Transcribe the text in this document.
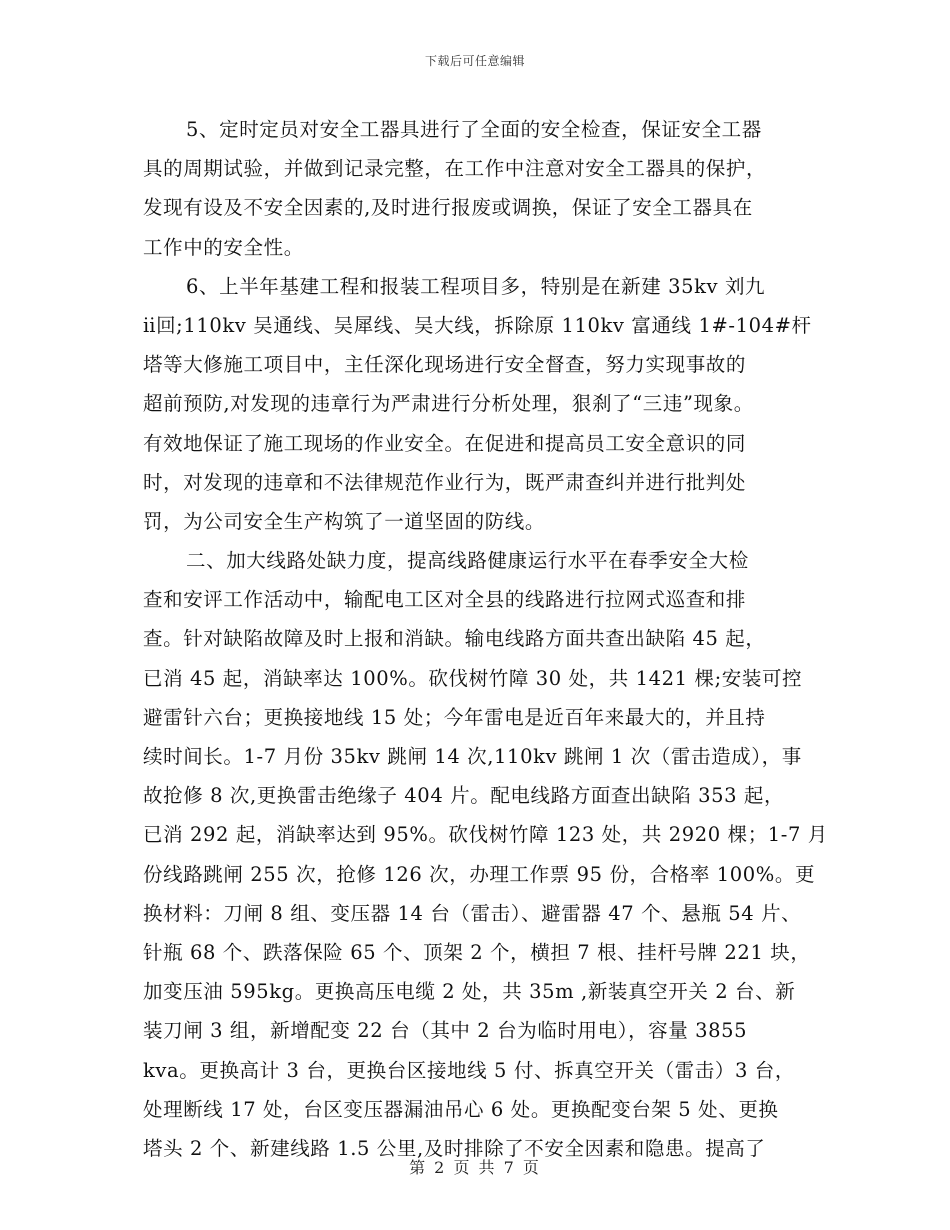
下载后可任意编辑
5、定时定员对安全工器具进行了全面的安全检查，保证安全工器
具的周期试验，并做到记录完整，在工作中注意对安全工器具的保护，
发现有设及不安全因素的,及时进行报废或调换，保证了安全工器具在
工作中的安全性。
6、上半年基建工程和报装工程项目多，特别是在新建 35kv 刘九
ⅱ回;110kv 吴通线、吴犀线、吴大线，拆除原 110kv 富通线 1#-104#杆
塔等大修施工项目中，主任深化现场进行安全督查，努力实现事故的
超前预防,对发现的违章行为严肃进行分析处理，狠刹了“三违”现象。
有效地保证了施工现场的作业安全。在促进和提高员工安全意识的同
时，对发现的违章和不法律规范作业行为，既严肃查纠并进行批判处
罚，为公司安全生产构筑了一道坚固的防线。
二、加大线路处缺力度，提高线路健康运行水平在春季安全大检
查和安评工作活动中，输配电工区对全县的线路进行拉网式巡查和排
查。针对缺陷故障及时上报和消缺。输电线路方面共查出缺陷 45 起，
已消 45 起，消缺率达 100%。砍伐树竹障 30 处，共 1421 棵;安装可控
避雷针六台；更换接地线 15 处；今年雷电是近百年来最大的，并且持
续时间长。1-7 月份 35kv 跳闸 14 次,110kv 跳闸 1 次（雷击造成），事
故抢修 8 次,更换雷击绝缘子 404 片。配电线路方面查出缺陷 353 起，
已消 292 起，消缺率达到 95%。砍伐树竹障 123 处，共 2920 棵；1-7 月
份线路跳闸 255 次，抢修 126 次，办理工作票 95 份，合格率 100%。更
换材料：刀闸 8 组、变压器 14 台（雷击）、避雷器 47 个、悬瓶 54 片、
针瓶 68 个、跌落保险 65 个、顶架 2 个，横担 7 根、挂杆号牌 221 块，
加变压油 595kg。更换高压电缆 2 处，共 35m ,新装真空开关 2 台、新
装刀闸 3 组，新增配变 22 台（其中 2 台为临时用电），容量 3855
kva。更换高计 3 台，更换台区接地线 5 付、拆真空开关（雷击）3 台，
处理断线 17 处，台区变压器漏油吊心 6 处。更换配变台架 5 处、更换
塔头 2 个、新建线路 1.5 公里,及时排除了不安全因素和隐患。提高了
第 2 页 共 7 页
